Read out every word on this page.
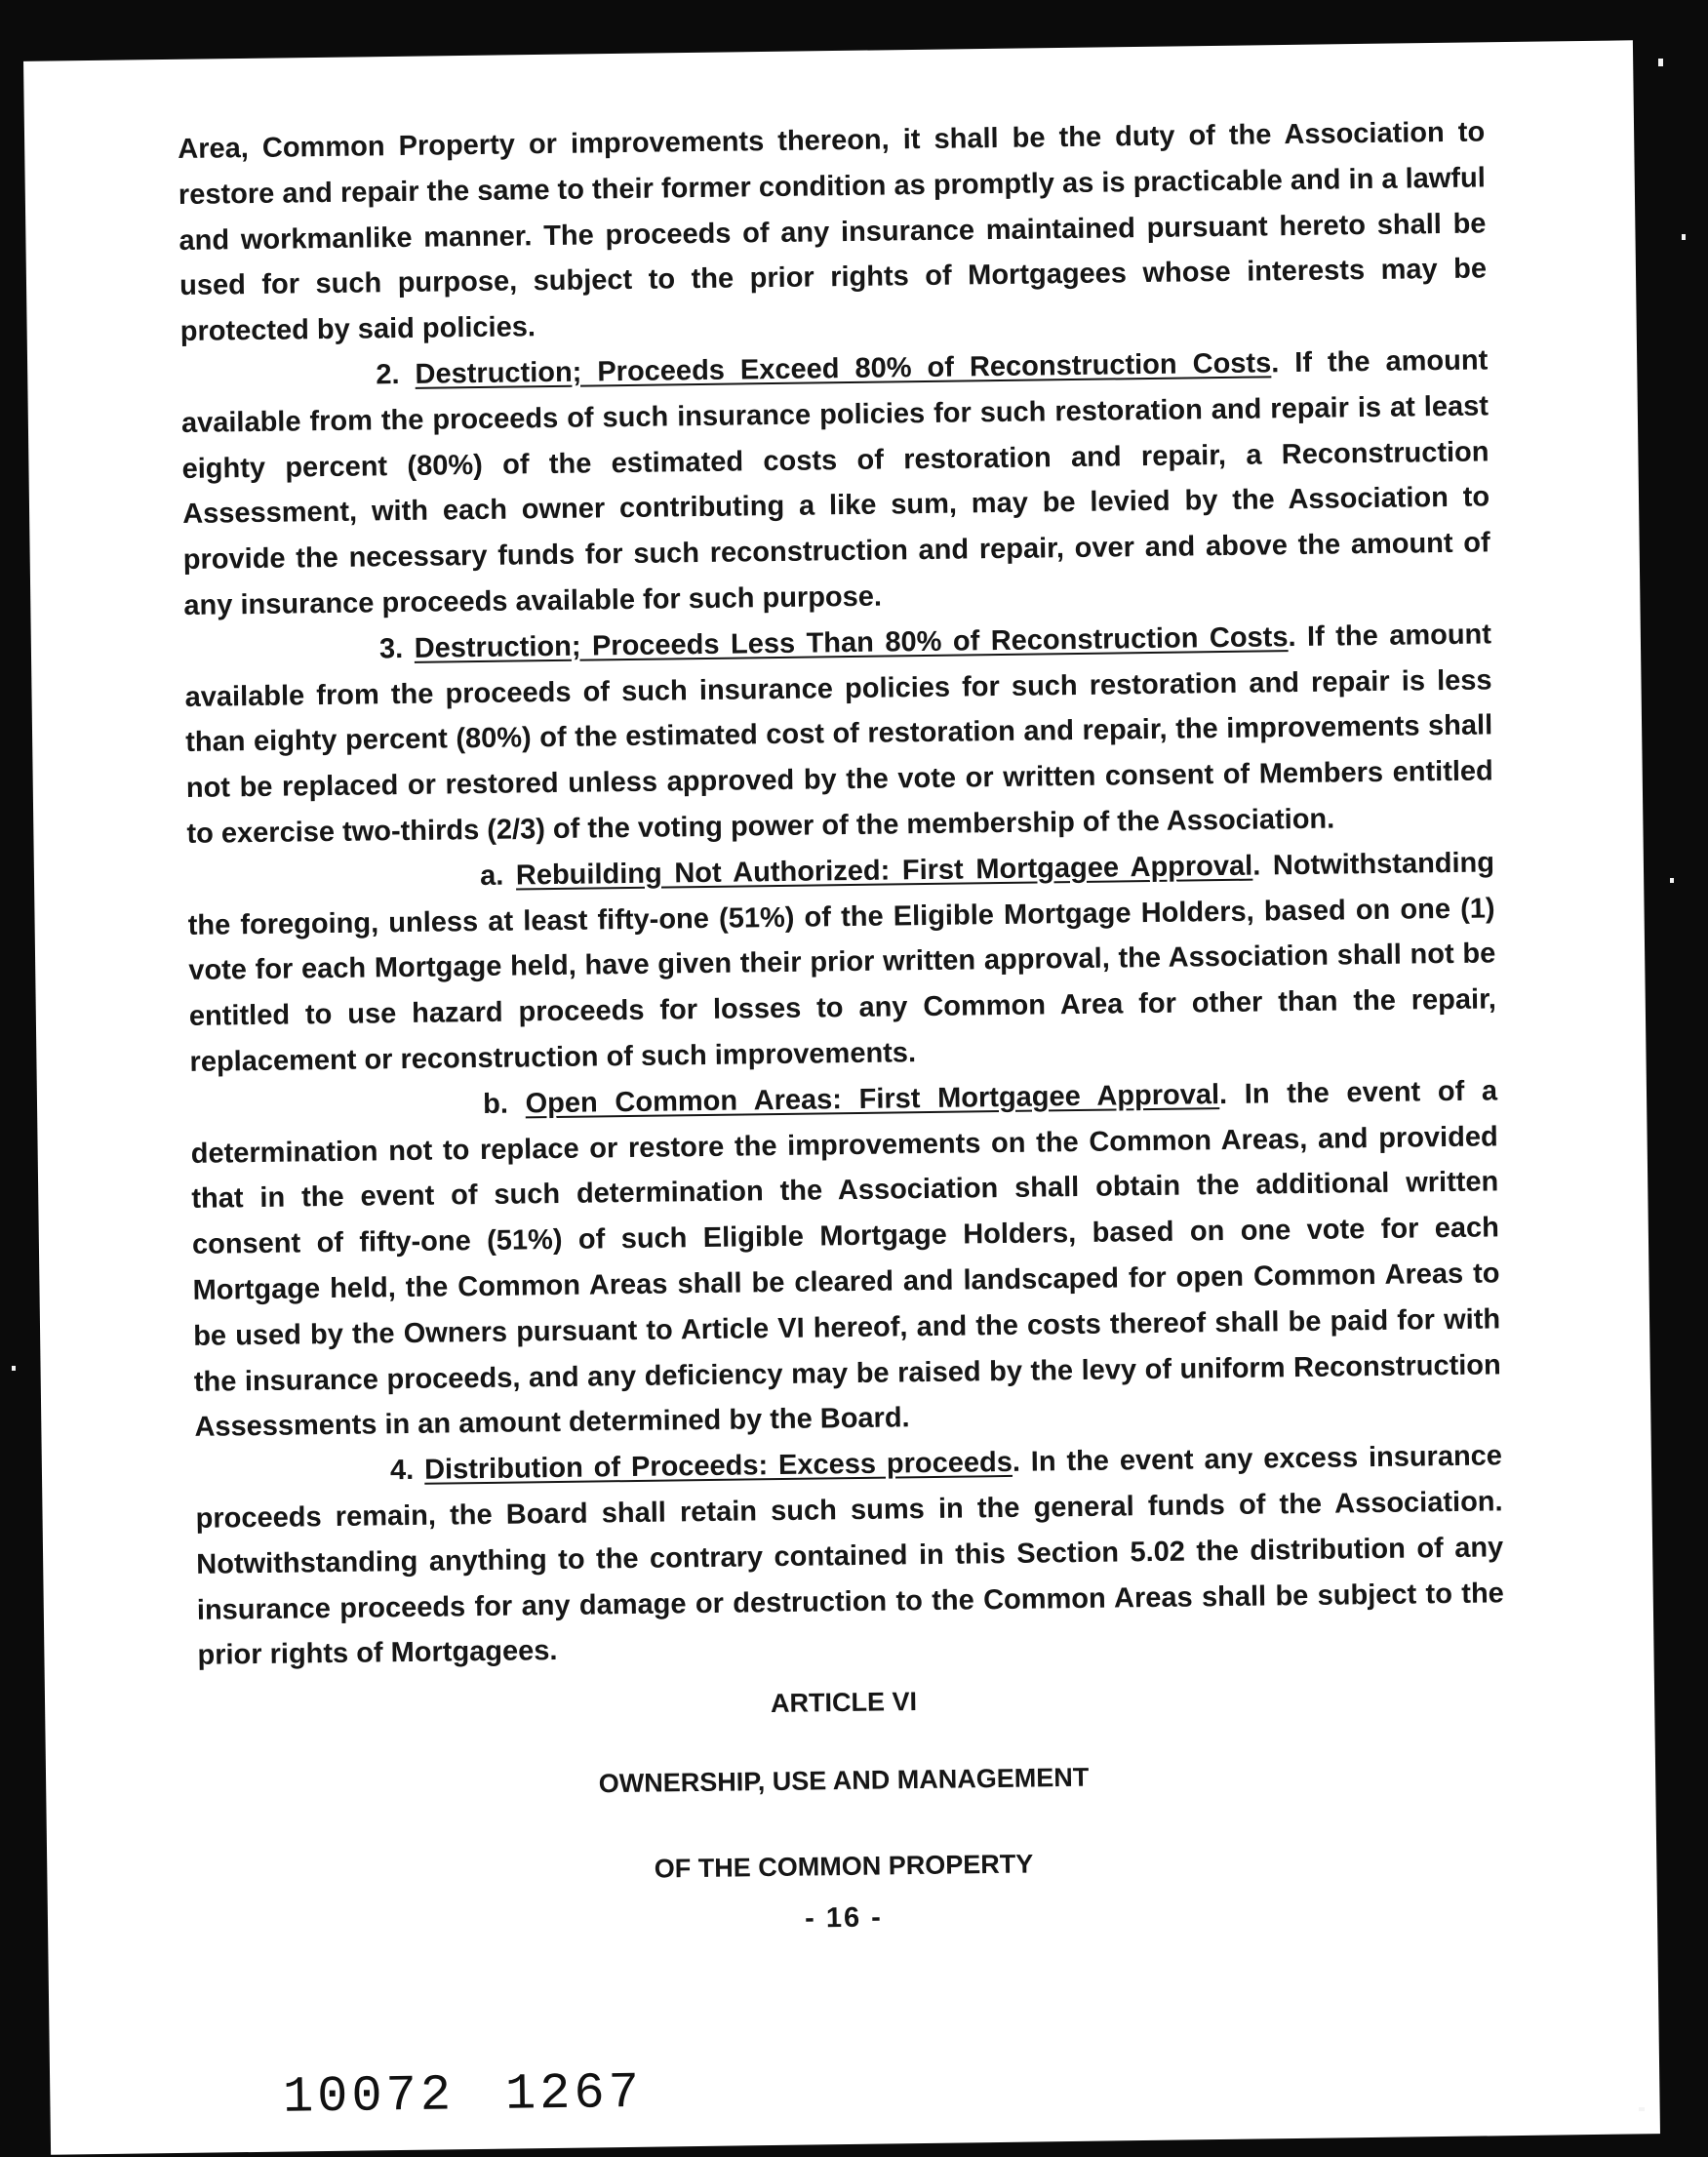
Area, Common Property or improvements thereon, it shall be the duty of the Association to restore and repair the same to their former condition as promptly as is practicable and in a lawful and workmanlike manner. The proceeds of any insurance maintained pursuant hereto shall be used for such purpose, subject to the prior rights of Mortgagees whose interests may be protected by said policies.

2. Destruction; Proceeds Exceed 80% of Reconstruction Costs. If the amount available from the proceeds of such insurance policies for such restoration and repair is at least eighty percent (80%) of the estimated costs of restoration and repair, a Reconstruction Assessment, with each owner contributing a like sum, may be levied by the Association to provide the necessary funds for such reconstruction and repair, over and above the amount of any insurance proceeds available for such purpose.

3. Destruction; Proceeds Less Than 80% of Reconstruction Costs. If the amount available from the proceeds of such insurance policies for such restoration and repair is less than eighty percent (80%) of the estimated cost of restoration and repair, the improvements shall not be replaced or restored unless approved by the vote or written consent of Members entitled to exercise two-thirds (2/3) of the voting power of the membership of the Association.

a. Rebuilding Not Authorized: First Mortgagee Approval. Notwithstanding the foregoing, unless at least fifty-one (51%) of the Eligible Mortgage Holders, based on one (1) vote for each Mortgage held, have given their prior written approval, the Association shall not be entitled to use hazard proceeds for losses to any Common Area for other than the repair, replacement or reconstruction of such improvements.

b. Open Common Areas: First Mortgagee Approval. In the event of a determination not to replace or restore the improvements on the Common Areas, and provided that in the event of such determination the Association shall obtain the additional written consent of fifty-one (51%) of such Eligible Mortgage Holders, based on one vote for each Mortgage held, the Common Areas shall be cleared and landscaped for open Common Areas to be used by the Owners pursuant to Article VI hereof, and the costs thereof shall be paid for with the insurance proceeds, and any deficiency may be raised by the levy of uniform Reconstruction Assessments in an amount determined by the Board.

4. Distribution of Proceeds: Excess proceeds. In the event any excess insurance proceeds remain, the Board shall retain such sums in the general funds of the Association. Notwithstanding anything to the contrary contained in this Section 5.02 the distribution of any insurance proceeds for any damage or destruction to the Common Areas shall be subject to the prior rights of Mortgagees.

ARTICLE VI
OWNERSHIP, USE AND MANAGEMENT
OF THE COMMON PROPERTY
- 16 -
10072 1267
